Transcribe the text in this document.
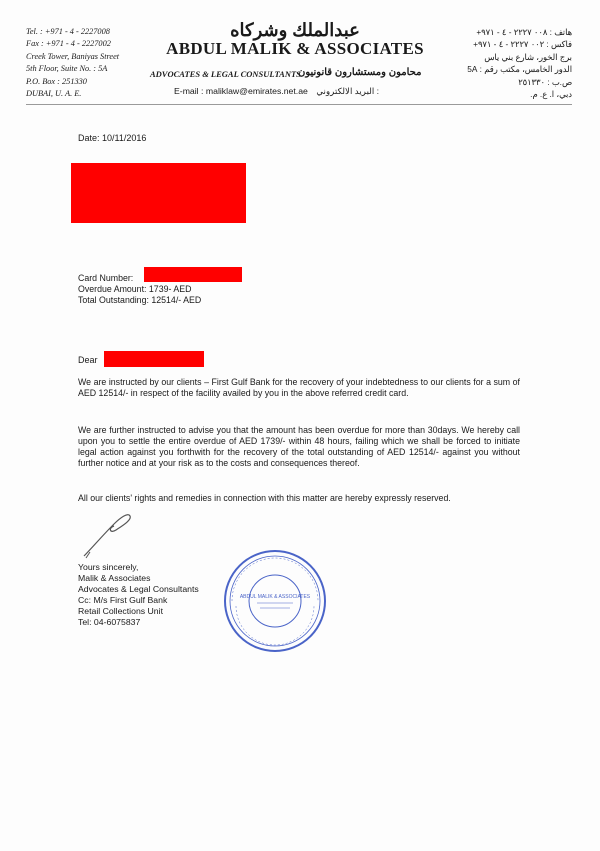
Tel. : +971 - 4 - 2227008
Fax : +971 - 4 - 2227002
Creek Tower, Baniyas Street
5th Floor, Suite No. : 5A
P.O. Box : 251330
DUBAI, U. A. E.
عبدالملك وشركاه
ABDUL MALIK & ASSOCIATES
ADVOCATES & LEGAL CONSULTANTS
محامون ومستشارون قانونيون
E-mail : maliklaw@emirates.net.ae البريد الالكتروني :
هاتف : ٠٠٨ ٢٢٢٧ - ٤ - ٩٧١+
فاكس : ٠٠٢ ٢٢٢٧ - ٤ - ٩٧١+
برج الخور، شارع بني ياس
الدور الخامس، مكتب رقم : 5A
ص.ب : ٢٥١٣٣٠
دبي، ا. ع. م.
Date: 10/11/2016
Card Number:
Overdue Amount: 1739- AED
Total Outstanding: 12514/- AED
Dear
We are instructed by our clients – First Gulf Bank for the recovery of your indebtedness to our clients for a sum of AED 12514/- in respect of the facility availed by you in the above referred credit card.
We are further instructed to advise you that the amount has been overdue for more than 30days. We hereby call upon you to settle the entire overdue of AED 1739/- within 48 hours, failing which we shall be forced to initiate legal action against you forthwith for the recovery of the total outstanding of AED 12514/- against you without further notice and at your risk as to the costs and consequences thereof.
All our clients' rights and remedies in connection with this matter are hereby expressly reserved.
Yours sincerely,
Malik & Associates
Advocates & Legal Consultants
Cc: M/s First Gulf Bank
Retail Collections Unit
Tel: 04-6075837
ABDUL MALIK & ASSOCIATES
